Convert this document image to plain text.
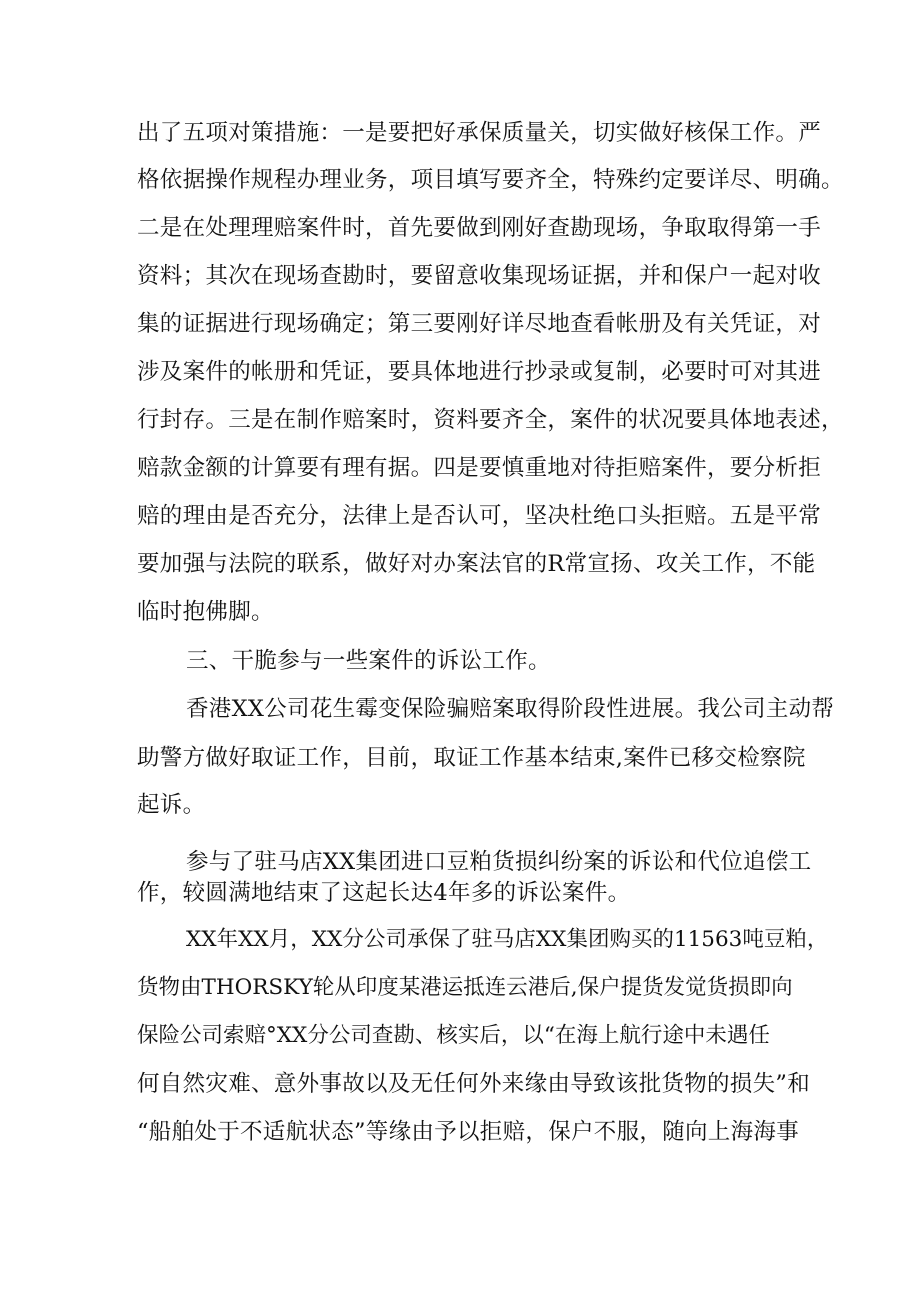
出了五项对策措施：一是要把好承保质量关，切实做好核保工作。严
格依据操作规程办理业务，项目填写要齐全，特殊约定要详尽、明确。
二是在处理理赔案件时，首先要做到刚好查勘现场，争取取得第一手
资料；其次在现场查勘时，要留意收集现场证据，并和保户一起对收
集的证据进行现场确定；第三要刚好详尽地查看帐册及有关凭证，对
涉及案件的帐册和凭证，要具体地进行抄录或复制，必要时可对其进
行封存。三是在制作赔案时，资料要齐全，案件的状况要具体地表述，
赔款金额的计算要有理有据。四是要慎重地对待拒赔案件，要分析拒
赔的理由是否充分，法律上是否认可，坚决杜绝口头拒赔。五是平常
要加强与法院的联系，做好对办案法官的R常宣扬、攻关工作，不能
临时抱佛脚。
三、干脆参与一些案件的诉讼工作。
香港XX公司花生霉变保险骗赔案取得阶段性进展。我公司主动帮
助警方做好取证工作，目前，取证工作基本结束,案件已移交检察院
起诉。
参与了驻马店XX集团进口豆粕货损纠纷案的诉讼和代位追偿工
作，较圆满地结束了这起长达4年多的诉讼案件。
XX年XX月，XX分公司承保了驻马店XX集团购买的11563吨豆粕，
货物由THORSKY轮从印度某港运抵连云港后,保户提货发觉货损即向
保险公司索赔°XX分公司查勘、核实后，以“在海上航行途中未遇任
何自然灾难、意外事故以及无任何外来缘由导致该批货物的损失”和
“船舶处于不适航状态”等缘由予以拒赔，保户不服，随向上海海事
